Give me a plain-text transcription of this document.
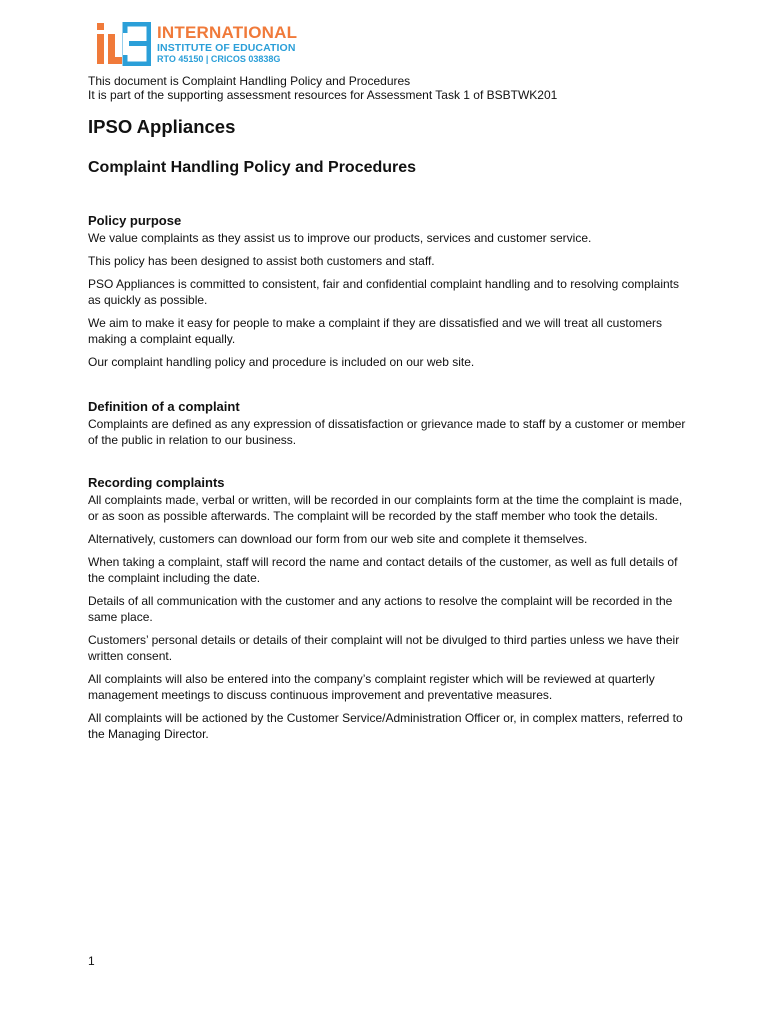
INTERNATIONAL
INSTITUTE OF EDUCATION
RTO 45150 | CRICOS 03838G
This document is Complaint Handling Policy and Procedures
It is part of the supporting assessment resources for Assessment Task 1 of BSBTWK201
IPSO Appliances
Complaint Handling Policy and Procedures

Policy purpose

We value complaints as they assist us to improve our products, services and customer service.

This policy has been designed to assist both customers and staff.

PSO Appliances is committed to consistent, fair and confidential complaint handling and to resolving complaints as quickly as possible.

We aim to make it easy for people to make a complaint if they are dissatisfied and we will treat all customers making a complaint equally.

Our complaint handling policy and procedure is included on our web site.

Definition of a complaint

Complaints are defined as any expression of dissatisfaction or grievance made to staff by a customer or member of the public in relation to our business.

Recording complaints

All complaints made, verbal or written, will be recorded in our complaints form at the time the complaint is made, or as soon as possible afterwards. The complaint will be recorded by the staff member who took the details.

Alternatively, customers can download our form from our web site and complete it themselves.

When taking a complaint, staff will record the name and contact details of the customer, as well as full details of the complaint including the date.

Details of all communication with the customer and any actions to resolve the complaint will be recorded in the same place.

Customers’ personal details or details of their complaint will not be divulged to third parties unless we have their written consent.

All complaints will also be entered into the company’s complaint register which will be reviewed at quarterly management meetings to discuss continuous improvement and preventative measures.

All complaints will be actioned by the Customer Service/Administration Officer or, in complex matters, referred to the Managing Director.

1
